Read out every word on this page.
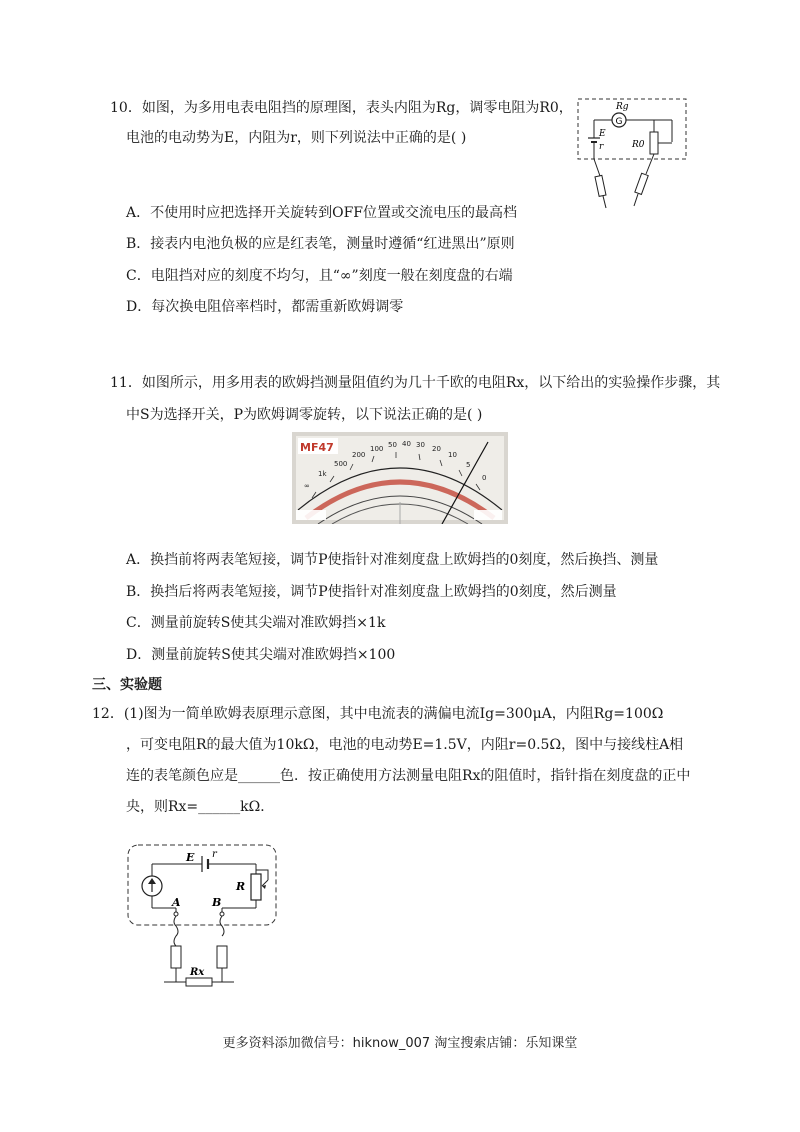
10．如图，为多用电表电阻挡的原理图，表头内阻为Rg，调零电阻为R0，
电池的电动势为E，内阻为r，则下列说法中正确的是( )
G
Rg
R0
E
r
A．不使用时应把选择开关旋转到OFF位置或交流电压的最高档
B．接表内电池负极的应是红表笔，测量时遵循“红进黑出”原则
C．电阻挡对应的刻度不均匀，且“∞”刻度一般在刻度盘的右端
D．每次换电阻倍率档时，都需重新欧姆调零
11．如图所示，用多用表的欧姆挡测量阻值约为几十千欧的电阻Rx，以下给出的实验操作步骤，其
中S为选择开关，P为欧姆调零旋转，以下说法正确的是( )
MF47
∞
1k
500
200
100 50 40 30 20
10
5
0
A．换挡前将两表笔短接，调节P使指针对准刻度盘上欧姆挡的0刻度，然后换挡、测量
B．换挡后将两表笔短接，调节P使指针对准刻度盘上欧姆挡的0刻度，然后测量
C．测量前旋转S使其尖端对准欧姆挡×1k
D．测量前旋转S使其尖端对准欧姆挡×100
三、实验题
12．(1)图为一简单欧姆表原理示意图，其中电流表的满偏电流Ig=300μA，内阻Rg=100Ω
，可变电阻R的最大值为10kΩ，电池的电动势E=1.5V，内阻r=0.5Ω，图中与接线柱A相
连的表笔颜色应是______色．按正确使用方法测量电阻Rx的阻值时，指针指在刻度盘的正中
央，则Rx=______kΩ．
E r
R
A	B
Rx
更多资料添加微信号：hiknow_007 淘宝搜索店铺：乐知课堂
